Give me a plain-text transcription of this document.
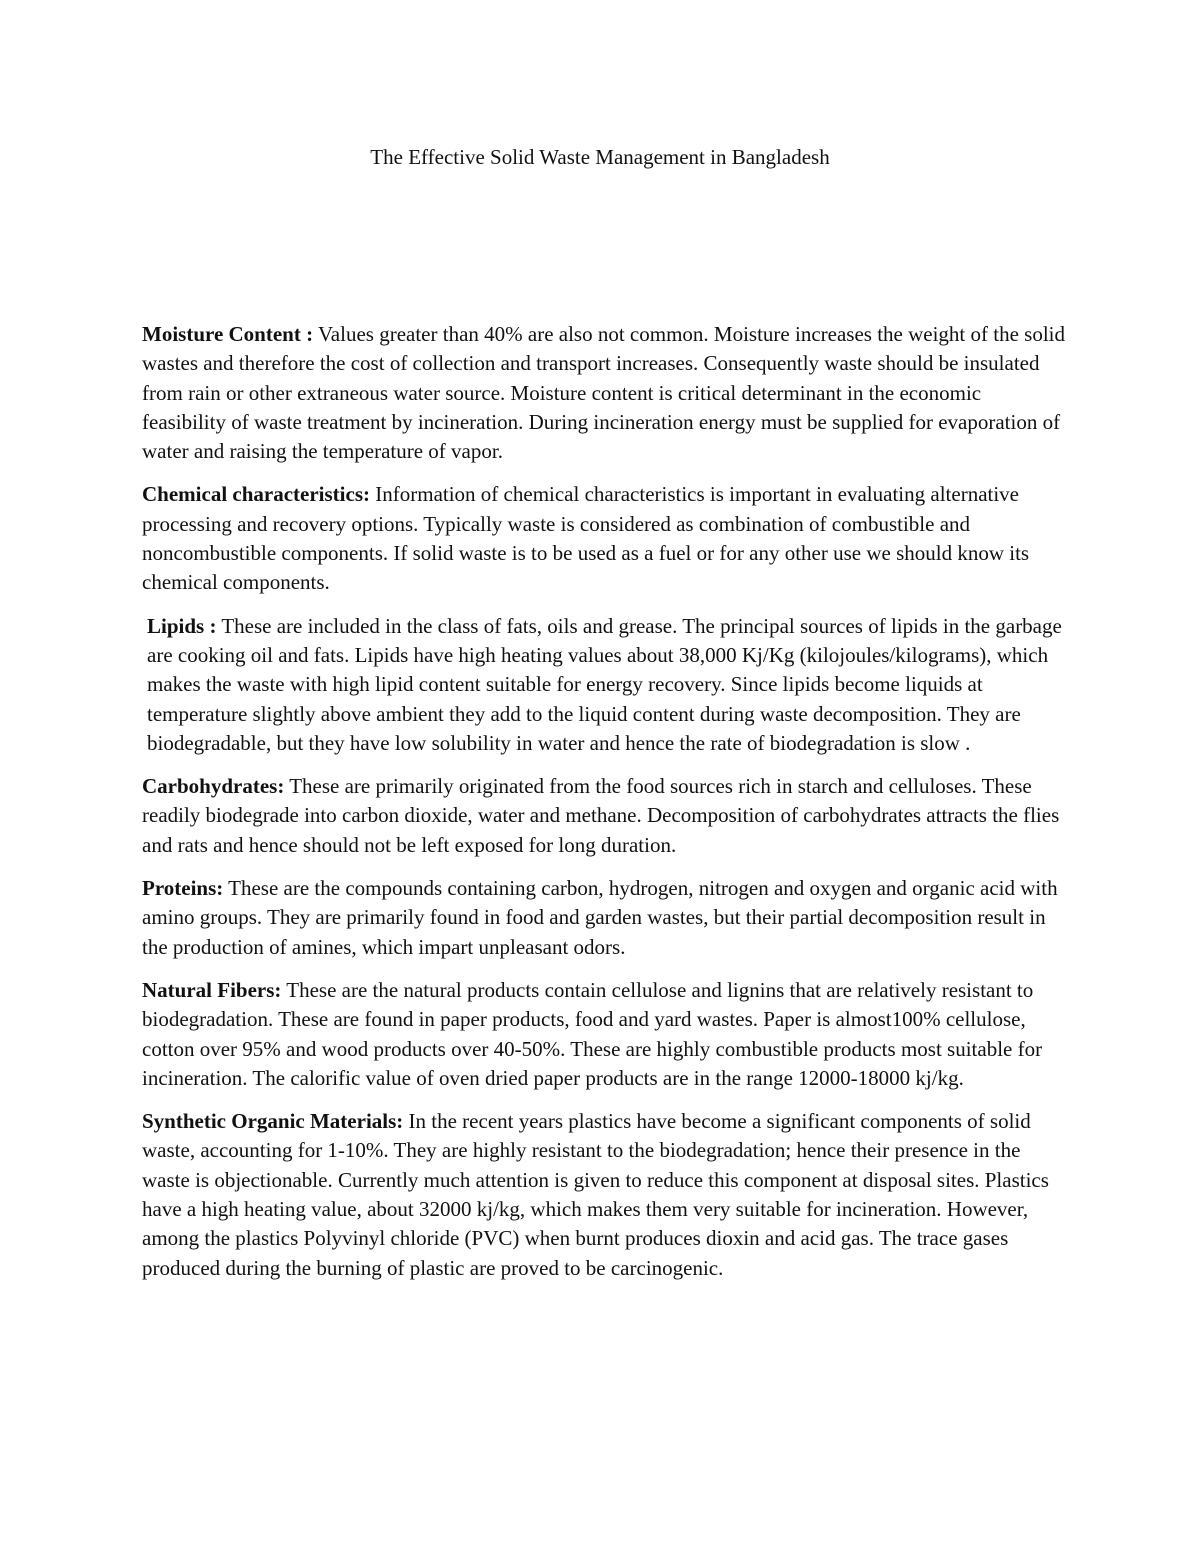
The Effective Solid Waste Management in Bangladesh

Moisture Content : Values greater than 40% are also not common. Moisture increases the weight of the solid wastes and therefore the cost of collection and transport increases. Consequently waste should be insulated from rain or other extraneous water source. Moisture content is critical determinant in the economic feasibility of waste treatment by incineration. During incineration energy must be supplied for evaporation of water and raising the temperature of vapor.

Chemical characteristics: Information of chemical characteristics is important in evaluating alternative processing and recovery options. Typically waste is considered as combination of combustible and noncombustible components. If solid waste is to be used as a fuel or for any other use we should know its chemical components.

Lipids : These are included in the class of fats, oils and grease. The principal sources of lipids in the garbage are cooking oil and fats. Lipids have high heating values about 38,000 Kj/Kg (kilojoules/kilograms), which makes the waste with high lipid content suitable for energy recovery. Since lipids become liquids at temperature slightly above ambient they add to the liquid content during waste decomposition. They are biodegradable, but they have low solubility in water and hence the rate of biodegradation is slow .

Carbohydrates: These are primarily originated from the food sources rich in starch and celluloses. These readily biodegrade into carbon dioxide, water and methane. Decomposition of carbohydrates attracts the flies and rats and hence should not be left exposed for long duration.

Proteins: These are the compounds containing carbon, hydrogen, nitrogen and oxygen and organic acid with amino groups. They are primarily found in food and garden wastes, but their partial decomposition result in the production of amines, which impart unpleasant odors.

Natural Fibers: These are the natural products contain cellulose and lignins that are relatively resistant to biodegradation. These are found in paper products, food and yard wastes. Paper is almost100% cellulose, cotton over 95% and wood products over 40-50%. These are highly combustible products most suitable for incineration. The calorific value of oven dried paper products are in the range 12000-18000 kj/kg.

Synthetic Organic Materials: In the recent years plastics have become a significant components of solid waste, accounting for 1-10%. They are highly resistant to the biodegradation; hence their presence in the waste is objectionable. Currently much attention is given to reduce this component at disposal sites. Plastics have a high heating value, about 32000 kj/kg, which makes them very suitable for incineration. However, among the plastics Polyvinyl chloride (PVC) when burnt produces dioxin and acid gas. The trace gases produced during the burning of plastic are proved to be carcinogenic.
